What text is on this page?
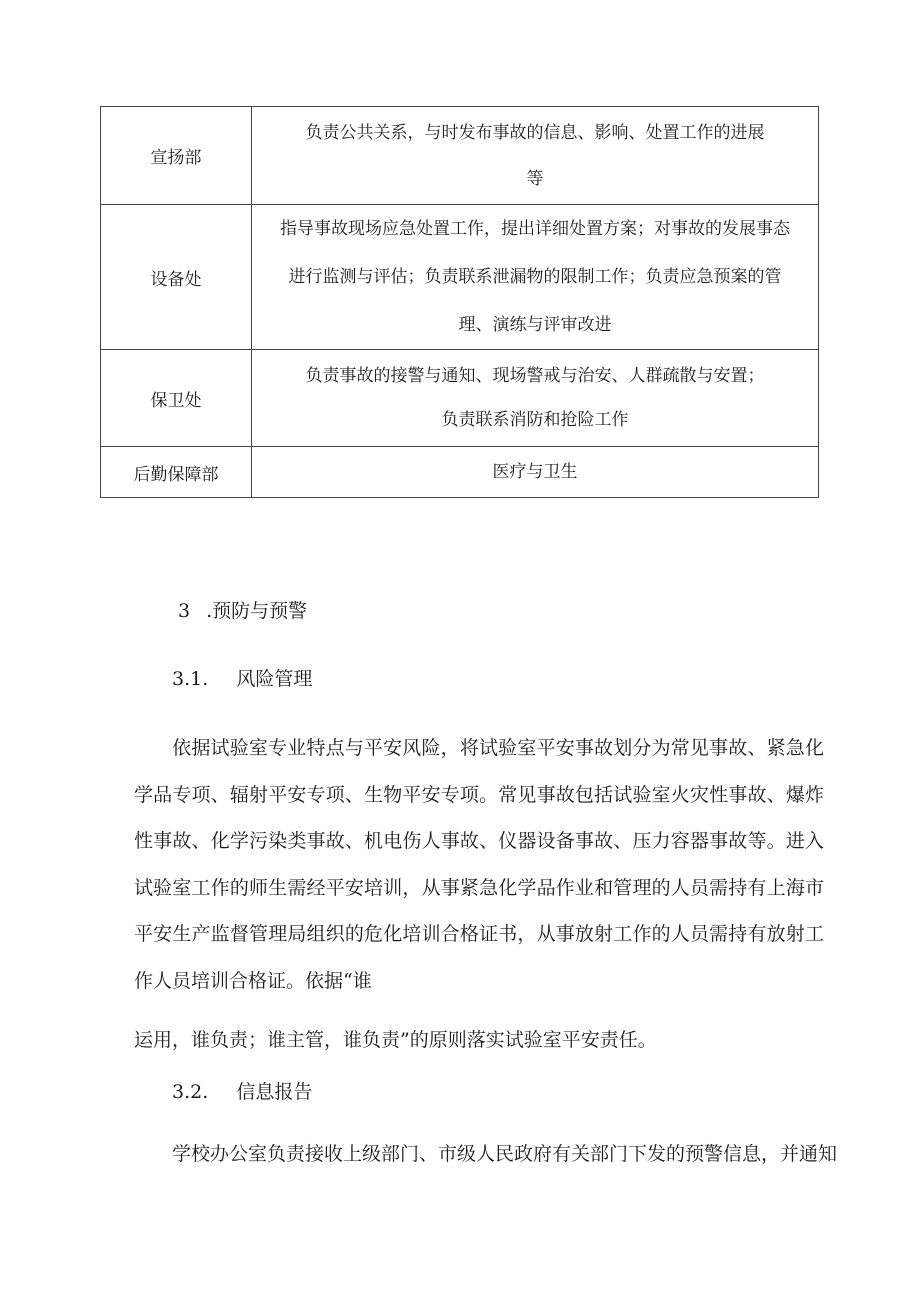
宣扬部	负责公共关系，与时发布事故的信息、影响、处置工作的进展
等

设备处	指导事故现场应急处置工作，提出详细处置方案；对事故的发展事态
进行监测与评估；负责联系泄漏物的限制工作；负责应急预案的管
理、演练与评审改进

保卫处	负责事故的接警与通知、现场警戒与治安、人群疏散与安置；
负责联系消防和抢险工作

后勤保障部	医疗与卫生
3 .预防与预警
3.1. 风险管理
依据试验室专业特点与平安风险，将试验室平安事故划分为常见事故、紧急化学品专项、辐射平安专项、生物平安专项。常见事故包括试验室火灾性事故、爆炸性事故、化学污染类事故、机电伤人事故、仪器设备事故、压力容器事故等。进入试验室工作的师生需经平安培训，从事紧急化学品作业和管理的人员需持有上海市平安生产监督管理局组织的危化培训合格证书，从事放射工作的人员需持有放射工作人员培训合格证。依据“谁
运用，谁负责；谁主管，谁负责”的原则落实试验室平安责任。
3.2. 信息报告
学校办公室负责接收上级部门、市级人民政府有关部门下发的预警信息，并通知
